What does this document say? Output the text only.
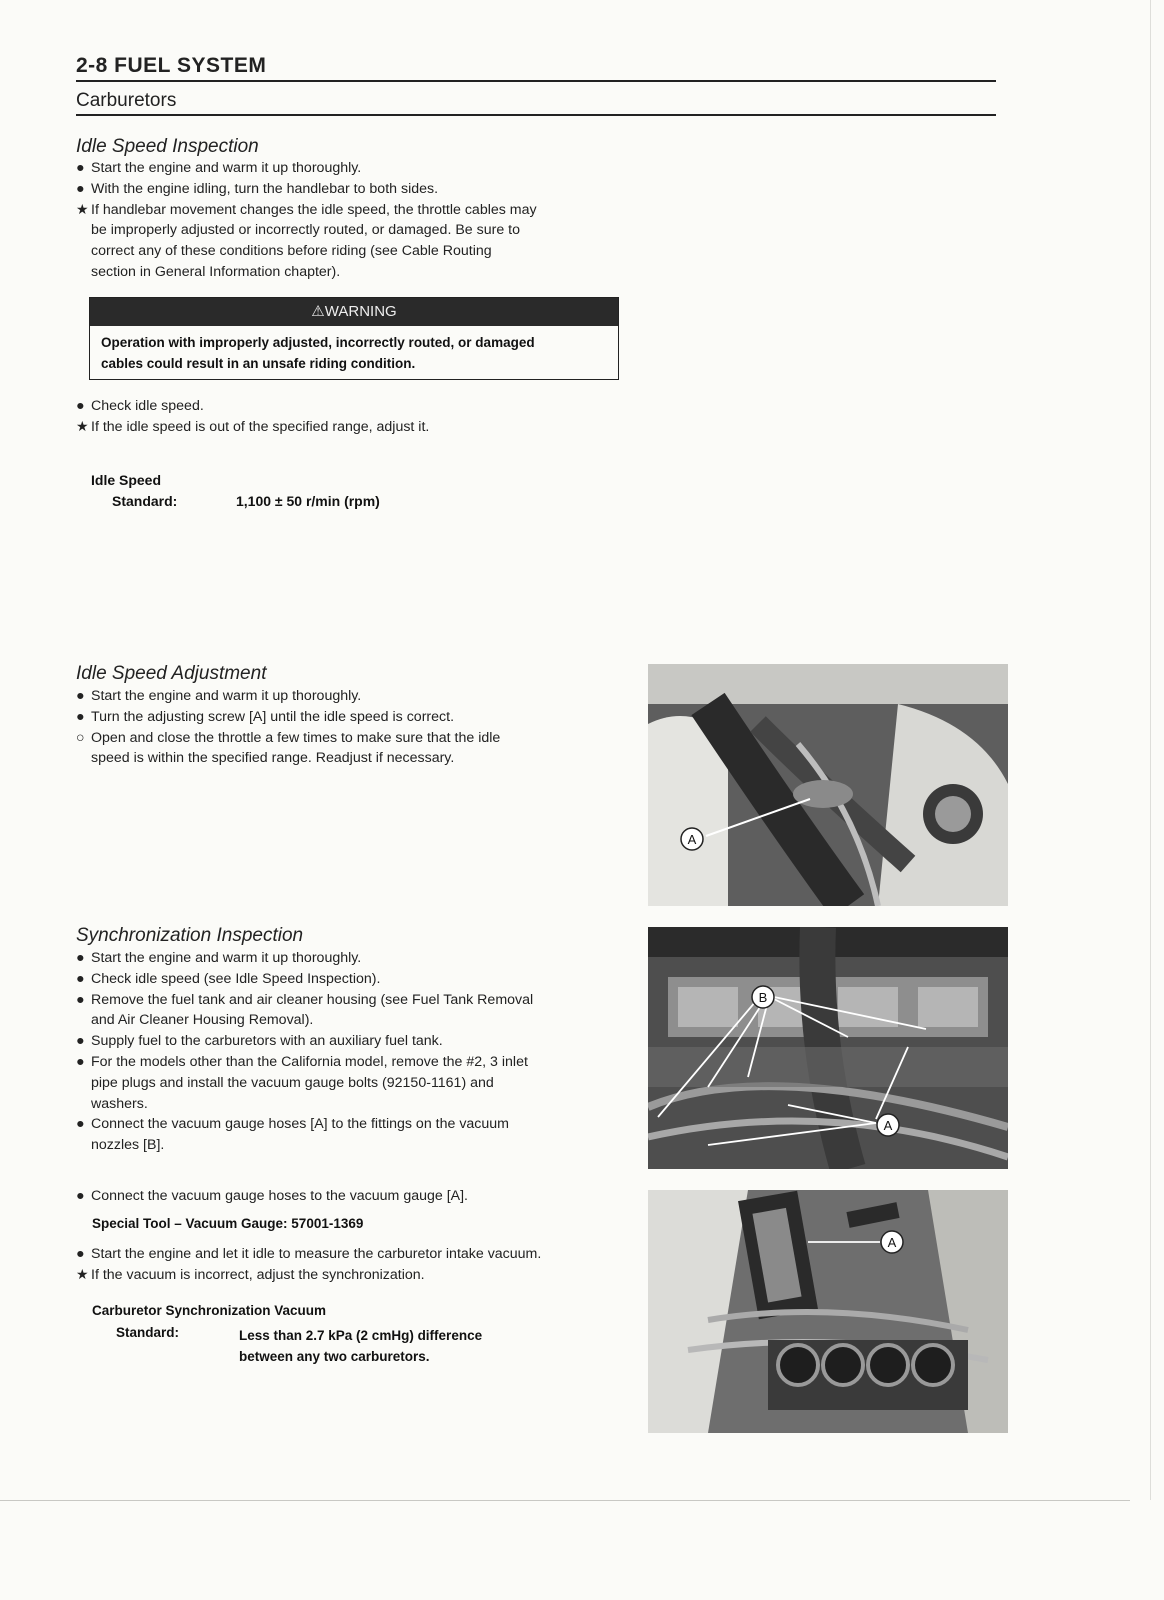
2-8 FUEL SYSTEM
Carburetors
Idle Speed Inspection
● Start the engine and warm it up thoroughly.
● With the engine idling, turn the handlebar to both sides.
★ If handlebar movement changes the idle speed, the throttle cables may
be improperly adjusted or incorrectly routed, or damaged. Be sure to
correct any of these conditions before riding (see Cable Routing
section in General Information chapter).
⚠WARNING
Operation with improperly adjusted, incorrectly routed, or damaged
cables could result in an unsafe riding condition.
● Check idle speed.
★ If the idle speed is out of the specified range, adjust it.
Idle Speed
Standard:	1,100 ± 50 r/min (rpm)
Idle Speed Adjustment
● Start the engine and warm it up thoroughly.
● Turn the adjusting screw [A] until the idle speed is correct.
○ Open and close the throttle a few times to make sure that the idle
speed is within the specified range. Readjust if necessary.
A
Synchronization Inspection
● Start the engine and warm it up thoroughly.
● Check idle speed (see Idle Speed Inspection).
● Remove the fuel tank and air cleaner housing (see Fuel Tank Removal
and Air Cleaner Housing Removal).
● Supply fuel to the carburetors with an auxiliary fuel tank.
● For the models other than the California model, remove the #2, 3 inlet
pipe plugs and install the vacuum gauge bolts (92150-1161) and
washers.
● Connect the vacuum gauge hoses [A] to the fittings on the vacuum
nozzles [B].
B
A
● Connect the vacuum gauge hoses to the vacuum gauge [A].
Special Tool – Vacuum Gauge: 57001-1369
● Start the engine and let it idle to measure the carburetor intake vacuum.
★ If the vacuum is incorrect, adjust the synchronization.
Carburetor Synchronization Vacuum
Standard:	Less than 2.7 kPa (2 cmHg) difference
between any two carburetors.
A
